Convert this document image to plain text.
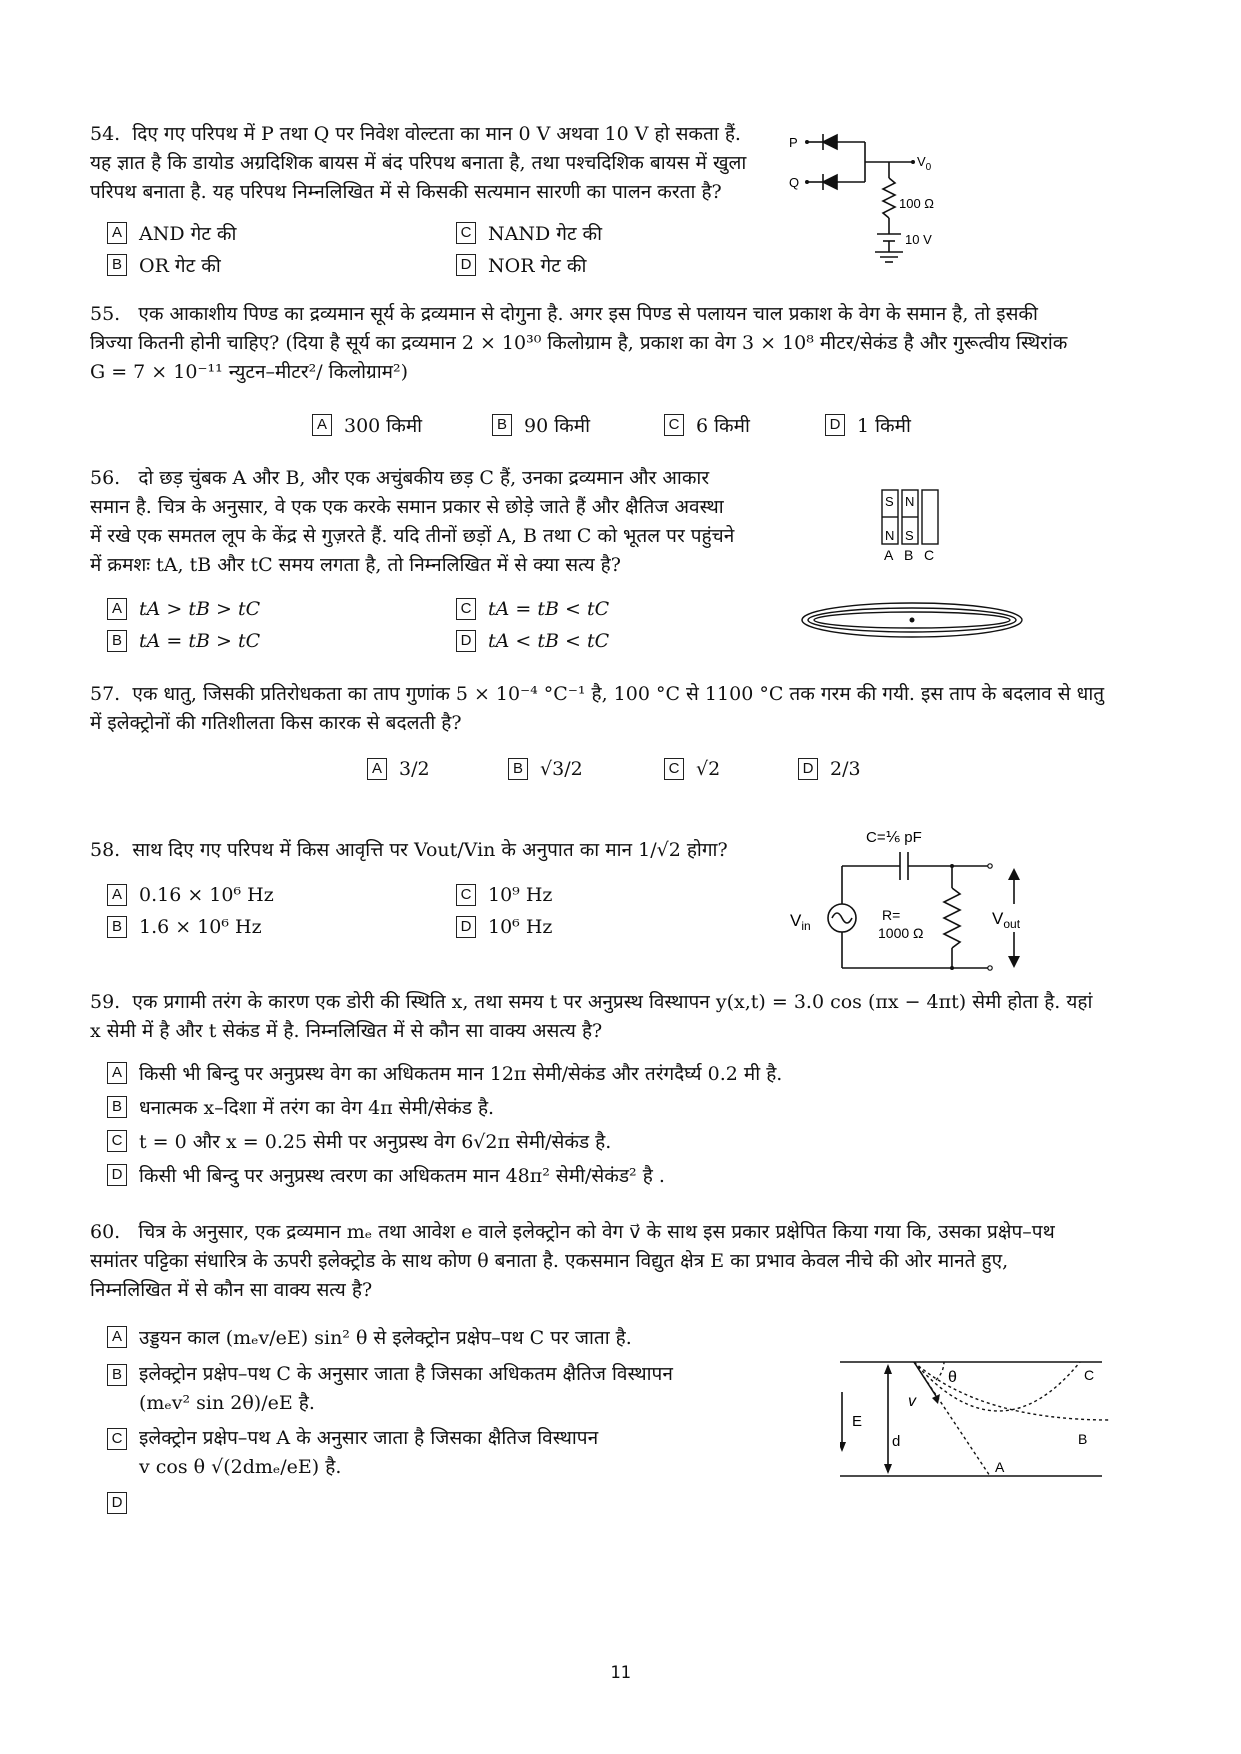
54. दिए गए परिपथ में P तथा Q पर निवेश वोल्टता का मान 0 V अथवा 10 V हो सकता हैं.

यह ज्ञात है कि डायोड अग्रदिशिक बायस में बंद परिपथ बनाता है, तथा पश्चदिशिक बायस में खुला

परिपथ बनाता है. यह परिपथ निम्नलिखित में से किसकी सत्यमान सारणी का पालन करता है?

A AND गेट की	C NAND गेट की
B OR गेट की	D NOR गेट की
P
Q
$V_0$
100 Ω
10 V

55. एक आकाशीय पिण्ड का द्रव्यमान सूर्य के द्रव्यमान से दोगुना है. अगर इस पिण्ड से पलायन चाल प्रकाश के वेग के समान है, तो इसकी

त्रिज्या कितनी होनी चाहिए? (दिया है सूर्य का द्रव्यमान 2 × 10³⁰ किलोग्राम है, प्रकाश का वेग 3 × 10⁸ मीटर/सेकंड है और गुरूत्वीय स्थिरांक

G = 7 × 10⁻¹¹ न्युटन–मीटर²/ किलोग्राम²)

A 300 किमी	B 90 किमी	C 6 किमी	D 1 किमी

56. दो छड़ चुंबक A और B, और एक अचुंबकीय छड़ C हैं, उनका द्रव्यमान और आकार

समान है. चित्र के अनुसार, वे एक एक करके समान प्रकार से छोड़े जाते हैं और क्षैतिज अवस्था

में रखे एक समतल लूप के केंद्र से गुज़रते हैं. यदि तीनों छड़ों A, B तथा C को भूतल पर पहुंचने

में क्रमशः tA, tB और tC समय लगता है, तो निम्नलिखित में से क्या सत्य है?

A tA > tB > tC	C tA = tB < tC
B tA = tB > tC	D tA < tB < tC
S N
N S
A B C

57. एक धातु, जिसकी प्रतिरोधकता का ताप गुणांक 5 × 10⁻⁴ °C⁻¹ है, 100 °C से 1100 °C तक गरम की गयी. इस ताप के बदलाव से धातु

में इलेक्ट्रोनों की गतिशीलता किस कारक से बदलती है?

A 3/2	B √3/2	C √2	D 2/3

58. साथ दिए गए परिपथ में किस आवृत्ति पर Vout/Vin के अनुपात का मान 1/√2 होगा?

A 0.16 × 10⁶ Hz	C 10⁹ Hz
B 1.6 × 10⁶ Hz	D 10⁶ Hz
C=⅙ pF
$V_{in}$
R=
1000 Ω
$V_{out}$

59. एक प्रगामी तरंग के कारण एक डोरी की स्थिति x, तथा समय t पर अनुप्रस्थ विस्थापन y(x,t) = 3.0 cos (πx − 4πt) सेमी होता है. यहां

x सेमी में है और t सेकंड में है. निम्नलिखित में से कौन सा वाक्य असत्य है?

A किसी भी बिन्दु पर अनुप्रस्थ वेग का अधिकतम मान 12π सेमी/सेकंड और तरंगदैर्घ्य 0.2 मी है.
B धनात्मक x–दिशा में तरंग का वेग 4π सेमी/सेकंड है.
C t = 0 और x = 0.25 सेमी पर अनुप्रस्थ वेग 6√2π सेमी/सेकंड है.
D किसी भी बिन्दु पर अनुप्रस्थ त्वरण का अधिकतम मान 48π² सेमी/सेकंड² है .

60. चित्र के अनुसार, एक द्रव्यमान mₑ तथा आवेश e वाले इलेक्ट्रोन को वेग v⃗ के साथ इस प्रकार प्रक्षेपित किया गया कि, उसका प्रक्षेप–पथ

समांतर पट्टिका संधारित्र के ऊपरी इलेक्ट्रोड के साथ कोण θ बनाता है. एकसमान विद्युत क्षेत्र E का प्रभाव केवल नीचे की ओर मानते हुए,

निम्नलिखित में से कौन सा वाक्य सत्य है?

A उड्डयन काल (mₑv/eE) sin² θ से इलेक्ट्रोन प्रक्षेप–पथ C पर जाता है.
B इलेक्ट्रोन प्रक्षेप–पथ C के अनुसार जाता है जिसका अधिकतम क्षैतिज विस्थापन
(mₑv² sin 2θ)/eE है.
C इलेक्ट्रोन प्रक्षेप–पथ A के अनुसार जाता है जिसका क्षैतिज विस्थापन
v cos θ √(2dmₑ/eE) है.
D
θ
v
E
d
A
B
C
11
